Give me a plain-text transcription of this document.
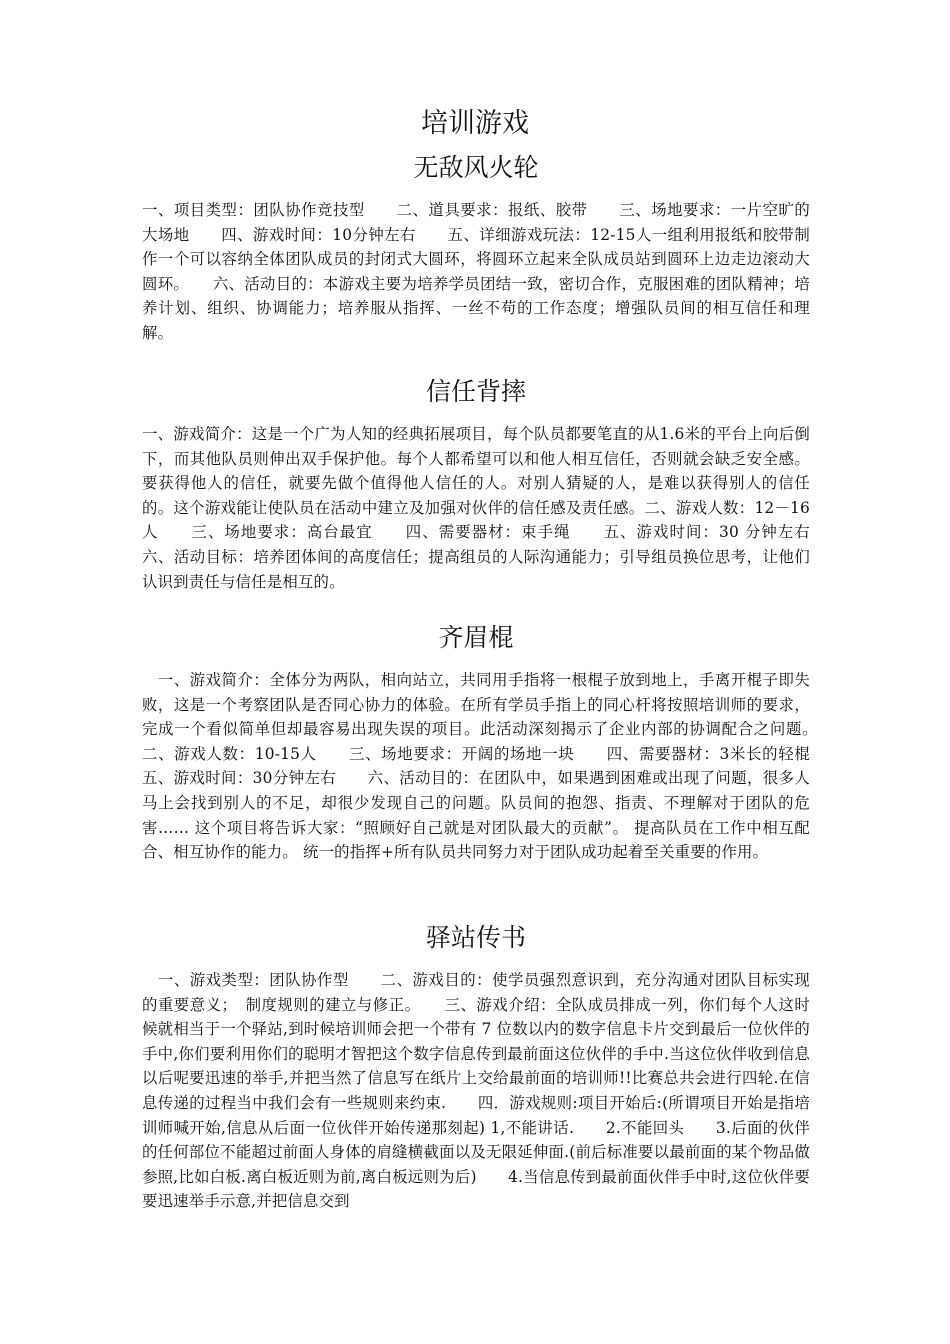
培训游戏
无敌风火轮

一、项目类型：团队协作竞技型　　二、道具要求：报纸、胶带　　三、场地要求：一片空旷的大场地　　四、游戏时间：10分钟左右　　五、详细游戏玩法：12-15人一组利用报纸和胶带制作一个可以容纳全体团队成员的封闭式大圆环，将圆环立起来全队成员站到圆环上边走边滚动大圆环。　　六、活动目的：本游戏主要为培养学员团结一致，密切合作，克服困难的团队精神；培养计划、组织、协调能力；培养服从指挥、一丝不苟的工作态度；增强队员间的相互信任和理解。

信任背摔

一、游戏简介：这是一个广为人知的经典拓展项目，每个队员都要笔直的从1.6米的平台上向后倒下，而其他队员则伸出双手保护他。每个人都希望可以和他人相互信任，否则就会缺乏安全感。要获得他人的信任，就要先做个值得他人信任的人。对别人猜疑的人，是难以获得别人的信任的。这个游戏能让使队员在活动中建立及加强对伙伴的信任感及责任感。二、游戏人数：12－16人　　三、场地要求：高台最宜　　四、需要器材：束手绳　　五、游戏时间：30 分钟左右　　六、活动目标：培养团体间的高度信任；提高组员的人际沟通能力；引导组员换位思考，让他们认识到责任与信任是相互的。

齐眉棍

　一、游戏简介：全体分为两队，相向站立，共同用手指将一根棍子放到地上，手离开棍子即失败，这是一个考察团队是否同心协力的体验。在所有学员手指上的同心杆将按照培训师的要求，完成一个看似简单但却最容易出现失误的项目。此活动深刻揭示了企业内部的协调配合之问题。　　二、游戏人数：10-15人　　三、场地要求：开阔的场地一块　　四、需要器材：3米长的轻棍　　五、游戏时间：30分钟左右　　六、活动目的：在团队中，如果遇到困难或出现了问题，很多人马上会找到别人的不足，却很少发现自己的问题。队员间的抱怨、指责、不理解对于团队的危害…… 这个项目将告诉大家：“照顾好自己就是对团队最大的贡献”。 提高队员在工作中相互配合、相互协作的能力。 统一的指挥+所有队员共同努力对于团队成功起着至关重要的作用。

驿站传书

　一、游戏类型：团队协作型　　二、游戏目的：使学员强烈意识到，充分沟通对团队目标实现的重要意义；　制度规则的建立与修正。　　三、游戏介绍：全队成员排成一列，你们每个人这时候就相当于一个驿站,到时候培训师会把一个带有 7 位数以内的数字信息卡片交到最后一位伙伴的手中,你们要利用你们的聪明才智把这个数字信息传到最前面这位伙伴的手中.当这位伙伴收到信息以后呢要迅速的举手,并把当然了信息写在纸片上交给最前面的培训师!!比赛总共会进行四轮.在信息传递的过程当中我们会有一些规则来约束.　　四．游戏规则:项目开始后:(所谓项目开始是指培训师喊开始,信息从后面一位伙伴开始传递那刻起) 1,不能讲话.　　2.不能回头　　3.后面的伙伴的任何部位不能超过前面人身体的肩缝横截面以及无限延伸面.(前后标准要以最前面的某个物品做参照,比如白板.离白板近则为前,离白板远则为后)　　4.当信息传到最前面伙伴手中时,这位伙伴要要迅速举手示意,并把信息交到
